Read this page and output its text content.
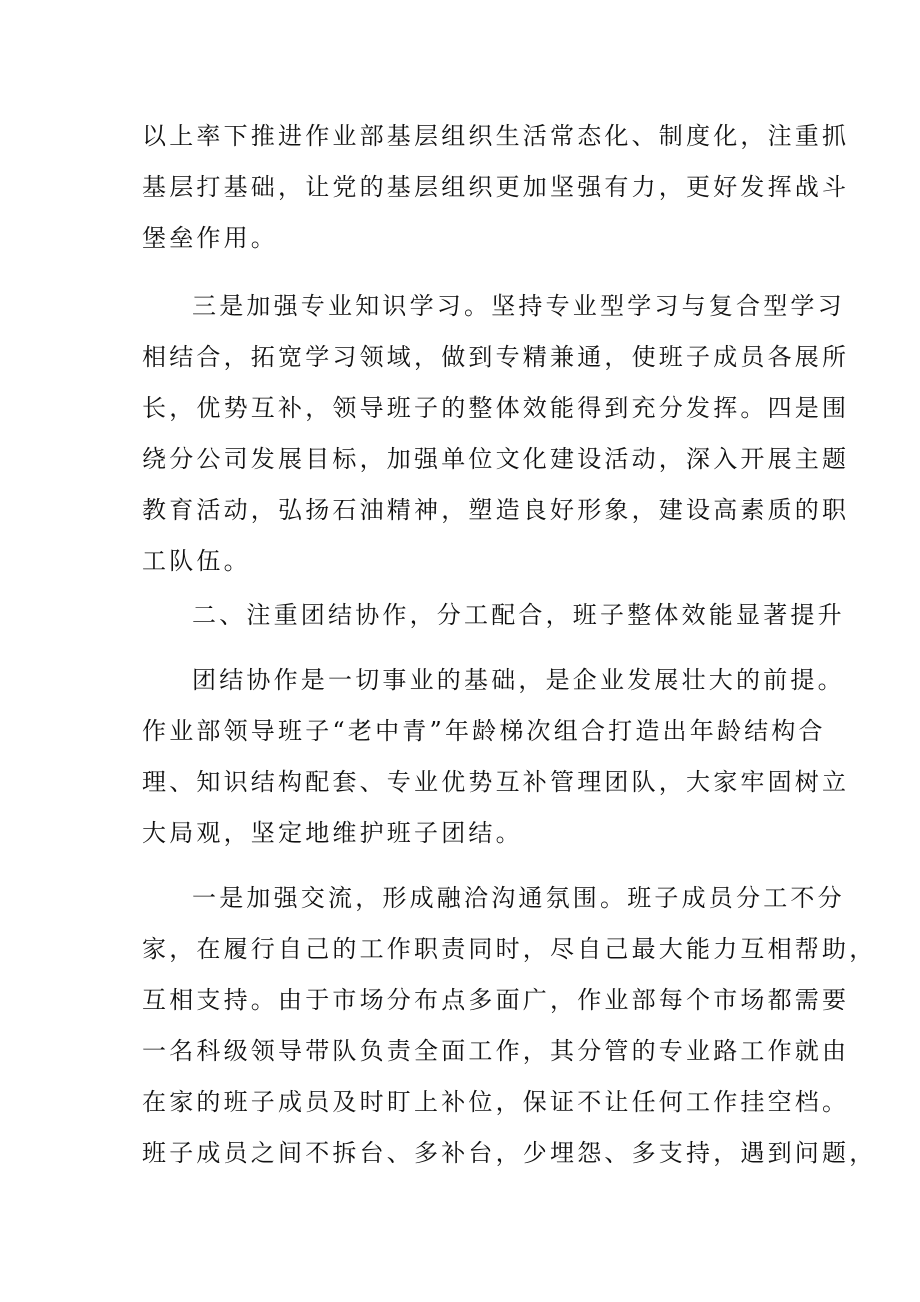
以上率下推进作业部基层组织生活常态化、制度化，注重抓
基层打基础，让党的基层组织更加坚强有力，更好发挥战斗
堡垒作用。
三是加强专业知识学习。坚持专业型学习与复合型学习
相结合，拓宽学习领域，做到专精兼通，使班子成员各展所
长，优势互补，领导班子的整体效能得到充分发挥。四是围
绕分公司发展目标，加强单位文化建设活动，深入开展主题
教育活动，弘扬石油精神，塑造良好形象，建设高素质的职
工队伍。
二、注重团结协作，分工配合，班子整体效能显著提升
团结协作是一切事业的基础，是企业发展壮大的前提。
作业部领导班子“老中青”年龄梯次组合打造出年龄结构合
理、知识结构配套、专业优势互补管理团队，大家牢固树立
大局观，坚定地维护班子团结。
一是加强交流，形成融洽沟通氛围。班子成员分工不分
家，在履行自己的工作职责同时，尽自己最大能力互相帮助，
互相支持。由于市场分布点多面广，作业部每个市场都需要
一名科级领导带队负责全面工作，其分管的专业路工作就由
在家的班子成员及时盯上补位，保证不让任何工作挂空档。
班子成员之间不拆台、多补台，少埋怨、多支持，遇到问题，
